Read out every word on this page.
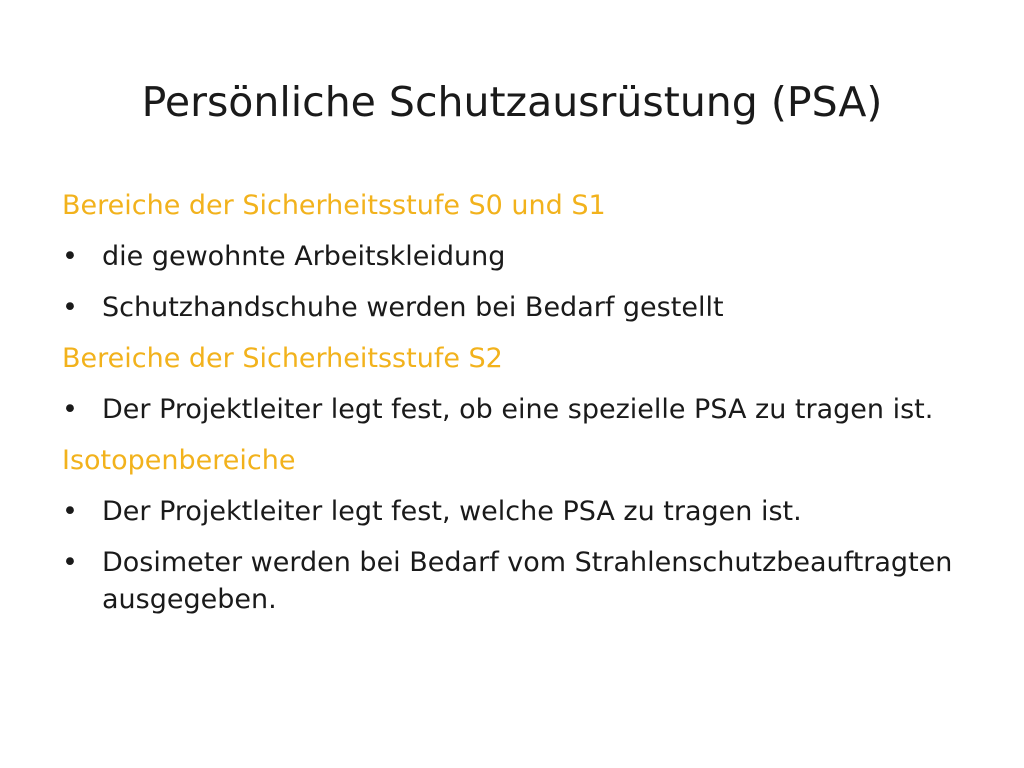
Persönliche Schutzausrüstung (PSA)
Bereiche der Sicherheitsstufe S0 und S1
• die gewohnte Arbeitskleidung
• Schutzhandschuhe werden bei Bedarf gestellt
Bereiche der Sicherheitsstufe S2
• Der Projektleiter legt fest, ob eine spezielle PSA zu tragen ist.
Isotopenbereiche
• Der Projektleiter legt fest, welche PSA zu tragen ist.
• Dosimeter werden bei Bedarf vom Strahlenschutzbeauftragten ausgegeben.
